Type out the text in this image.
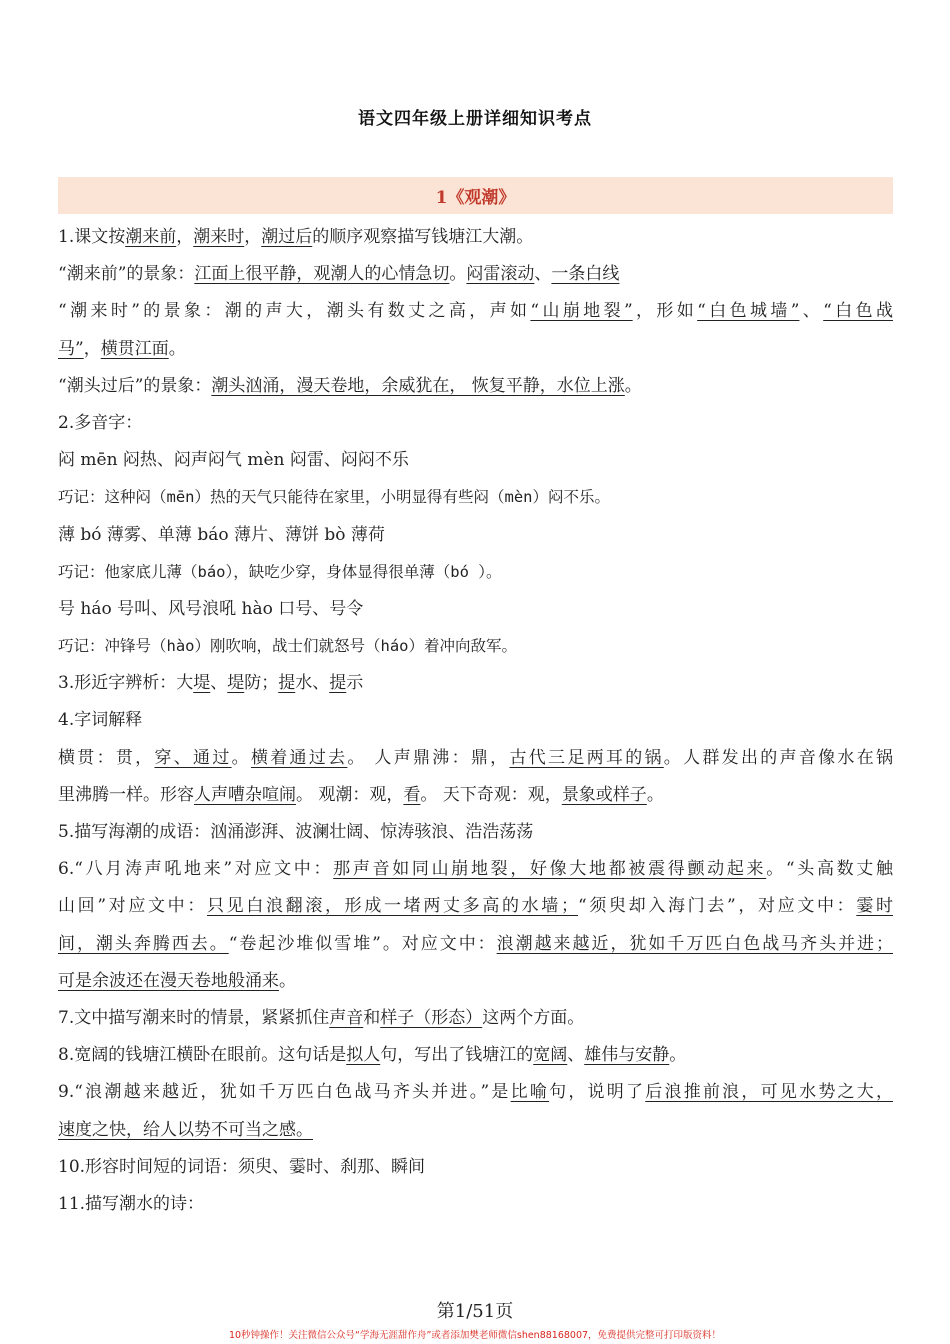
语文四年级上册详细知识考点
1《观潮》
1.课文按潮来前，潮来时，潮过后的顺序观察描写钱塘江大潮。
“潮来前”的景象：江面上很平静，观潮人的心情急切。闷雷滚动、一条白线
“潮来时”的景象：潮的声大，潮头有数丈之高，声如“山崩地裂”，形如“白色城墙”、“白色战
马”，横贯江面。
“潮头过后”的景象：潮头汹涌，漫天卷地，余威犹在， 恢复平静，水位上涨。
2.多音字：
闷 mēn 闷热、闷声闷气 mèn 闷雷、闷闷不乐
巧记：这种闷（mēn）热的天气只能待在家里，小明显得有些闷（mèn）闷不乐。
薄 bó 薄雾、单薄 báo 薄片、薄饼 bò 薄荷
巧记：他家底儿薄（báo），缺吃少穿，身体显得很单薄（bó ）。
号 háo 号叫、风号浪吼 hào 口号、号令
巧记：冲锋号（hào）刚吹响，战士们就怒号（háo）着冲向敌军。
3.形近字辨析：大堤、堤防；提水、提示
4.字词解释
横贯：贯，穿、通过。横着通过去。 人声鼎沸：鼎，古代三足两耳的锅。人群发出的声音像水在锅
里沸腾一样。形容人声嘈杂喧闹。 观潮：观，看。 天下奇观：观，景象或样子。
5.描写海潮的成语：汹涌澎湃、波澜壮阔、惊涛骇浪、浩浩荡荡
6.“八月涛声吼地来”对应文中：那声音如同山崩地裂，好像大地都被震得颤动起来。“头高数丈触
山回”对应文中：只见白浪翻滚，形成一堵两丈多高的水墙；“须臾却入海门去”，对应文中：霎时
间，潮头奔腾西去。“卷起沙堆似雪堆”。对应文中：浪潮越来越近，犹如千万匹白色战马齐头并进；
可是余波还在漫天卷地般涌来。
7.文中描写潮来时的情景，紧紧抓住声音和样子（形态）这两个方面。
8.宽阔的钱塘江横卧在眼前。这句话是拟人句，写出了钱塘江的宽阔、雄伟与安静。
9.“浪潮越来越近，犹如千万匹白色战马齐头并进。”是比喻句，说明了后浪推前浪，可见水势之大，
速度之快，给人以势不可当之感。
10.形容时间短的词语：须臾、霎时、刹那、瞬间
11.描写潮水的诗：
第1/51页
10秒钟操作！关注微信公众号“学海无涯甜作舟”或者添加樊老师微信shen88168007，免费提供完整可打印版资料！
